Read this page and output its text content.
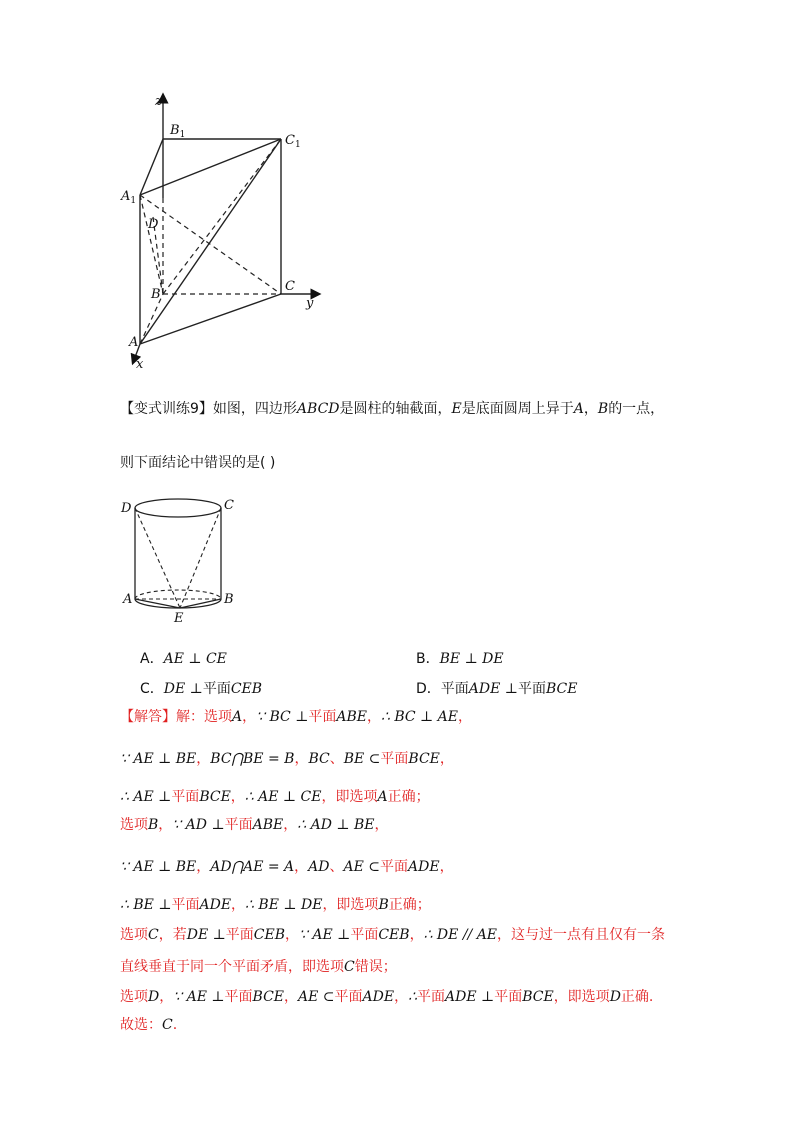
z
$B_1$	$C_1$
$A_1$
D
B
C
y
A
x
【变式训练9】如图，四边形ABCD是圆柱的轴截面，E是底面圆周上异于A，B的一点，
则下面结论中错误的是( )
D	C
A	B
E
A．AE ⊥ CE	B．BE ⊥ DE
C．DE ⊥平面CEB	D．平面ADE ⊥平面BCE
【解答】解：选项A，∵ BC ⊥平面ABE，∴ BC ⊥ AE，
∵ AE ⊥ BE，BC⋂BE = B，BC、BE ⊂平面BCE，
∴ AE ⊥平面BCE，∴ AE ⊥ CE，即选项A正确；
选项B，∵ AD ⊥平面ABE，∴ AD ⊥ BE，
∵ AE ⊥ BE，AD⋂AE = A，AD、AE ⊂平面ADE，
∴ BE ⊥平面ADE，∴ BE ⊥ DE，即选项B正确；
选项C，若DE ⊥平面CEB，∵ AE ⊥平面CEB，∴ DE // AE，这与过一点有且仅有一条
直线垂直于同一个平面矛盾，即选项C错误；
选项D，∵ AE ⊥平面BCE，AE ⊂平面ADE，∴平面ADE ⊥平面BCE，即选项D正确.
故选：C.
